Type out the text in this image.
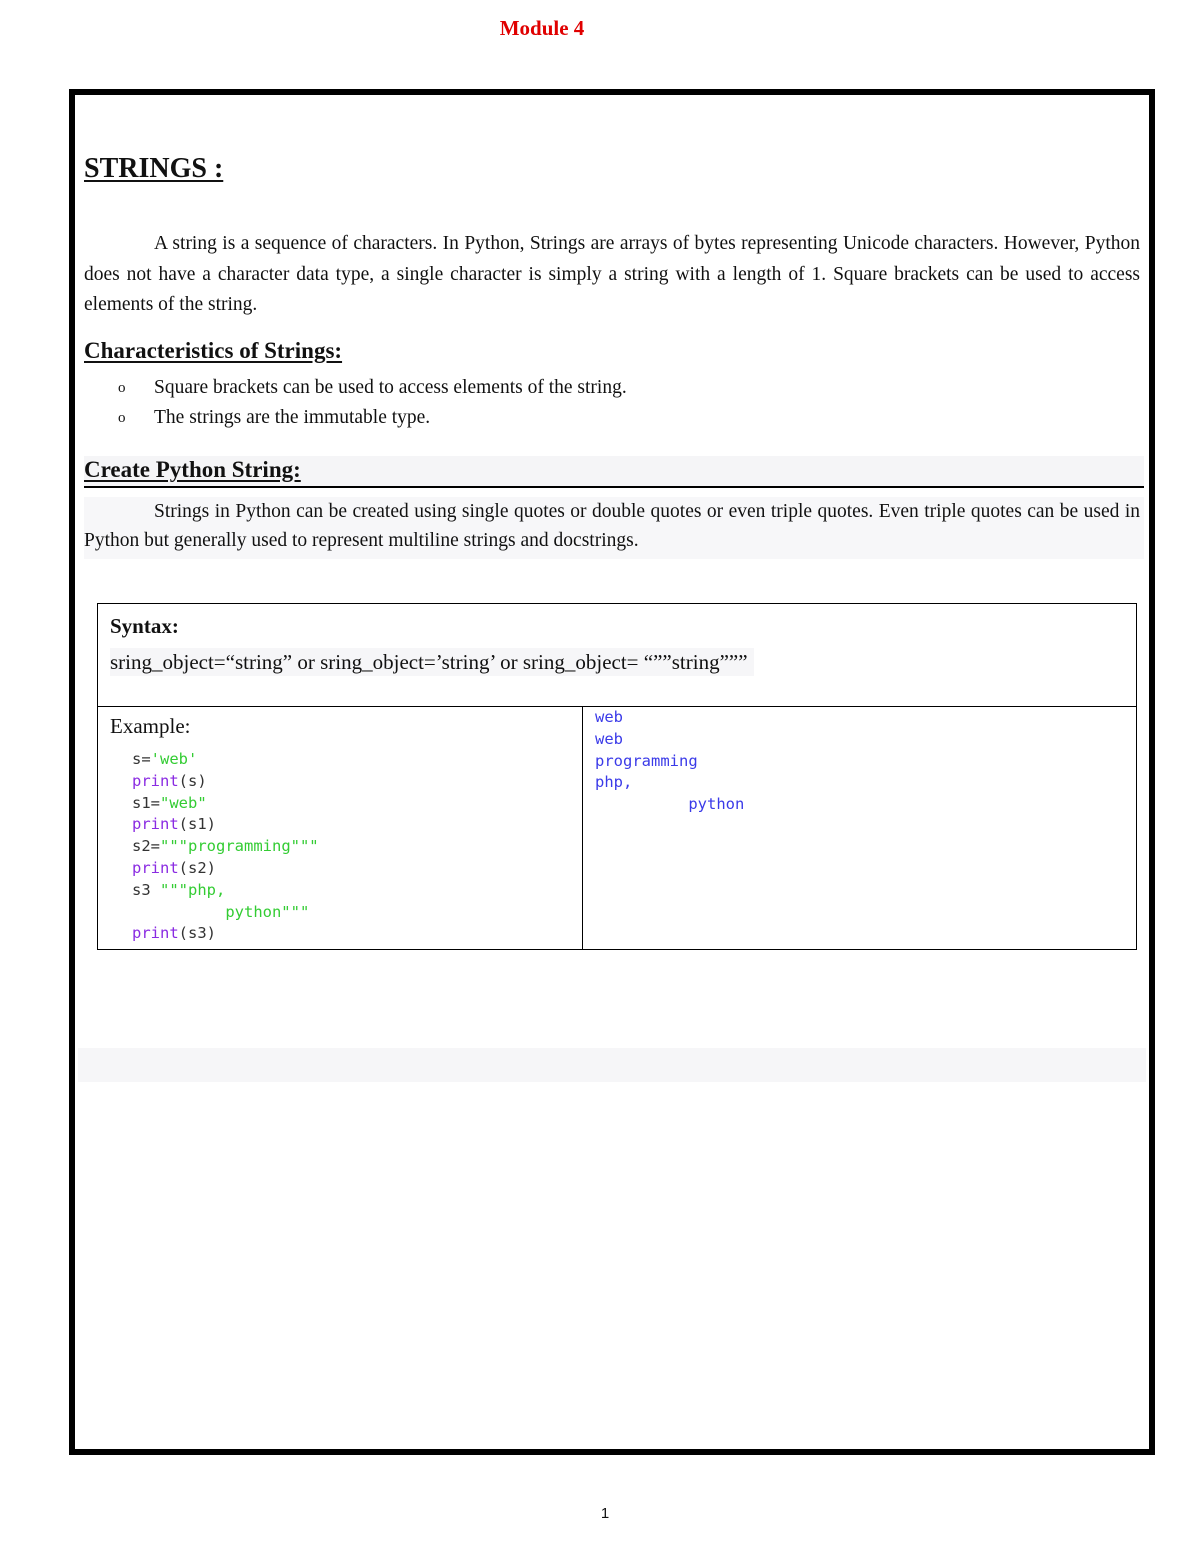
Module 4
STRINGS :
A string is a sequence of characters. In Python, Strings are arrays of bytes representing Unicode characters. However, Python does not have a character data type, a single character is simply a string with a length of 1. Square brackets can be used to access elements of the string.
Characteristics of Strings:
o Square brackets can be used to access elements of the string.
o The strings are the immutable type.
Create Python String:
Strings in Python can be created using single quotes or double quotes or even triple quotes. Even triple quotes can be used in Python but generally used to represent multiline strings and docstrings.
Syntax:
sring_object=“string” or sring_object=’string’ or sring_object= “””string”””

Example:
s='web'
print(s)
s1="web"
print(s1)
s2="""programming"""
print(s2)
s3 """php,
python"""
print(s3)

web
web
programming
php,
python
1
